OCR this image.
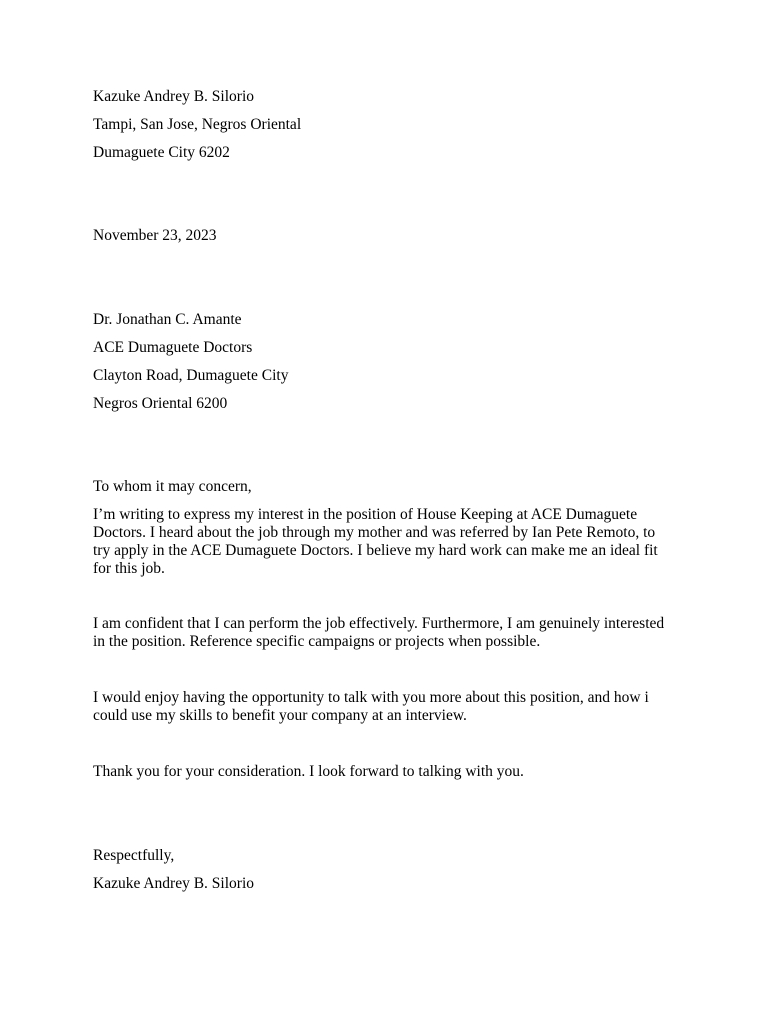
Kazuke Andrey B. Silorio
Tampi, San Jose, Negros Oriental
Dumaguete City 6202
November 23, 2023
Dr. Jonathan C. Amante
ACE Dumaguete Doctors
Clayton Road, Dumaguete City
Negros Oriental 6200
To whom it may concern,
I’m writing to express my interest in the position of House Keeping at ACE Dumaguete
Doctors. I heard about the job through my mother and was referred by Ian Pete Remoto, to
try apply in the ACE Dumaguete Doctors. I believe my hard work can make me an ideal fit
for this job.
I am confident that I can perform the job effectively. Furthermore, I am genuinely interested
in the position. Reference specific campaigns or projects when possible.
I would enjoy having the opportunity to talk with you more about this position, and how i
could use my skills to benefit your company at an interview.
Thank you for your consideration. I look forward to talking with you.
Respectfully,
Kazuke Andrey B. Silorio
